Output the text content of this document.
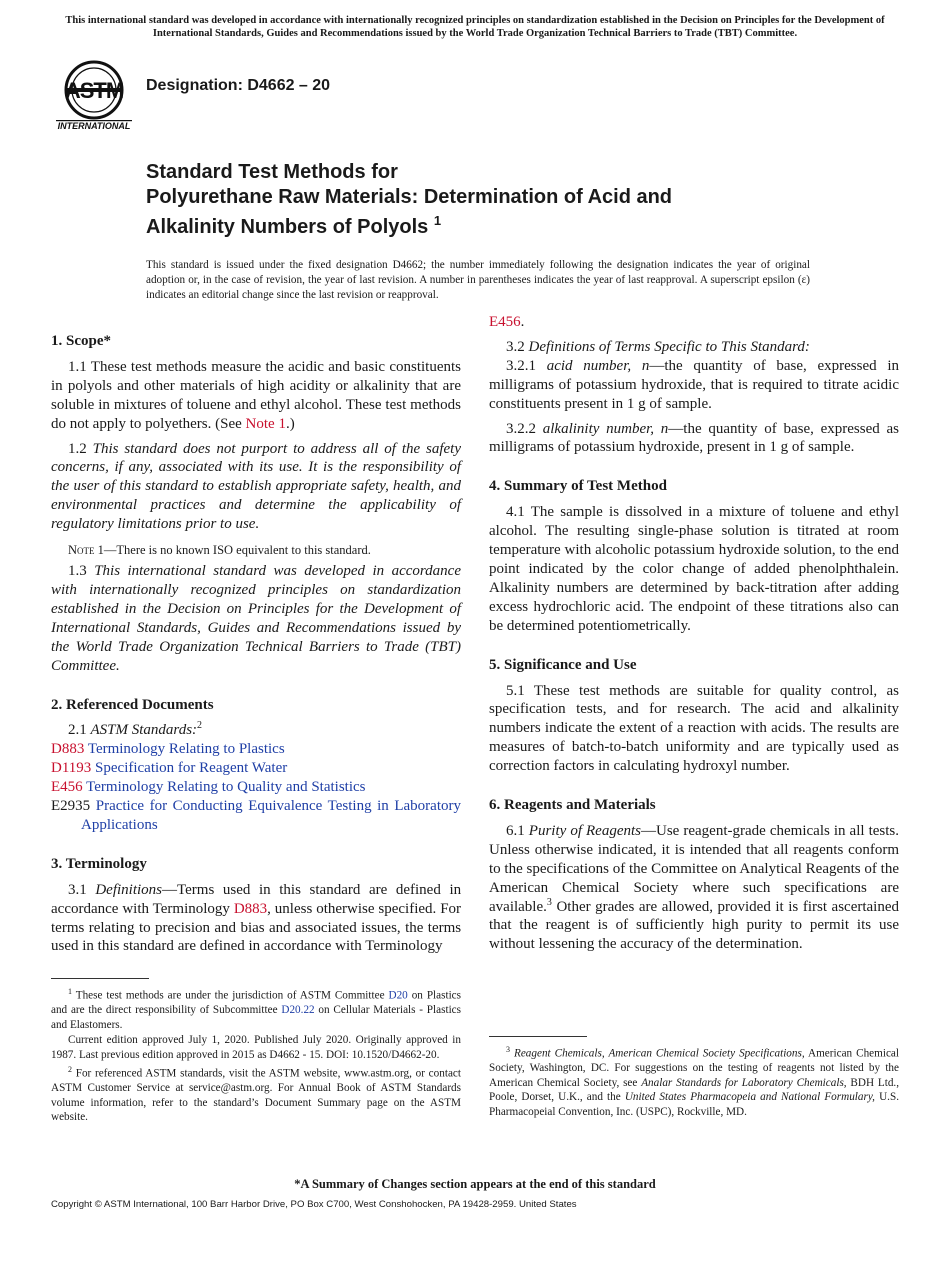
This international standard was developed in accordance with internationally recognized principles on standardization established in the Decision on Principles for the Development of International Standards, Guides and Recommendations issued by the World Trade Organization Technical Barriers to Trade (TBT) Committee.
ASTM
INTERNATIONAL
Designation: D4662 – 20
Standard Test Methods for
Polyurethane Raw Materials: Determination of Acid and
Alkalinity Numbers of Polyols $^1$
This standard is issued under the fixed designation D4662; the number immediately following the designation indicates the year of original adoption or, in the case of revision, the year of last revision. A number in parentheses indicates the year of last reapproval. A superscript epsilon (ε) indicates an editorial change since the last revision or reapproval.
1. Scope*

1.1 These test methods measure the acidic and basic constituents in polyols and other materials of high acidity or alkalinity that are soluble in mixtures of toluene and ethyl alcohol. These test methods do not apply to polyethers. (See Note 1.)

1.2 This standard does not purport to address all of the safety concerns, if any, associated with its use. It is the responsibility of the user of this standard to establish appropriate safety, health, and environmental practices and determine the applicability of regulatory limitations prior to use.

Note 1—There is no known ISO equivalent to this standard.

1.3 This international standard was developed in accordance with internationally recognized principles on standardization established in the Decision on Principles for the Development of International Standards, Guides and Recommendations issued by the World Trade Organization Technical Barriers to Trade (TBT) Committee.

2. Referenced Documents

2.1 ASTM Standards:$^2$

D883 Terminology Relating to Plastics
D1193 Specification for Reagent Water
E456 Terminology Relating to Quality and Statistics
E2935 Practice for Conducting Equivalence Testing in Laboratory Applications
3. Terminology

3.1 Definitions—Terms used in this standard are defined in accordance with Terminology D883, unless otherwise specified. For terms relating to precision and bias and associated issues, the terms used in this standard are defined in accordance with Terminology

E456.

3.2 Definitions of Terms Specific to This Standard:

3.2.1 acid number, n—the quantity of base, expressed in milligrams of potassium hydroxide, that is required to titrate acidic constituents present in 1 g of sample.

3.2.2 alkalinity number, n—the quantity of base, expressed as milligrams of potassium hydroxide, present in 1 g of sample.

4. Summary of Test Method

4.1 The sample is dissolved in a mixture of toluene and ethyl alcohol. The resulting single-phase solution is titrated at room temperature with alcoholic potassium hydroxide solution, to the end point indicated by the color change of added phenolphthalein. Alkalinity numbers are determined by back-titration after adding excess hydrochloric acid. The endpoint of these titrations also can be determined potentiometrically.

5. Significance and Use

5.1 These test methods are suitable for quality control, as specification tests, and for research. The acid and alkalinity numbers indicate the extent of a reaction with acids. The results are measures of batch-to-batch uniformity and are typically used as correction factors in calculating hydroxyl number.

6. Reagents and Materials

6.1 Purity of Reagents—Use reagent-grade chemicals in all tests. Unless otherwise indicated, it is intended that all reagents conform to the specifications of the Committee on Analytical Reagents of the American Chemical Society where such specifications are available.$^3$ Other grades are allowed, provided it is first ascertained that the reagent is of sufficiently high purity to permit its use without lessening the accuracy of the determination.

$^1$ These test methods are under the jurisdiction of ASTM Committee D20 on Plastics and are the direct responsibility of Subcommittee D20.22 on Cellular Materials - Plastics and Elastomers.

Current edition approved July 1, 2020. Published July 2020. Originally approved in 1987. Last previous edition approved in 2015 as D4662 - 15. DOI: 10.1520/D4662-20.

$^2$ For referenced ASTM standards, visit the ASTM website, www.astm.org, or contact ASTM Customer Service at service@astm.org. For Annual Book of ASTM Standards volume information, refer to the standard’s Document Summary page on the ASTM website.

$^3$ Reagent Chemicals, American Chemical Society Specifications, American Chemical Society, Washington, DC. For suggestions on the testing of reagents not listed by the American Chemical Society, see Analar Standards for Laboratory Chemicals, BDH Ltd., Poole, Dorset, U.K., and the United States Pharmacopeia and National Formulary, U.S. Pharmacopeial Convention, Inc. (USPC), Rockville, MD.

*A Summary of Changes section appears at the end of this standard
Copyright © ASTM International, 100 Barr Harbor Drive, PO Box C700, West Conshohocken, PA 19428-2959. United States
